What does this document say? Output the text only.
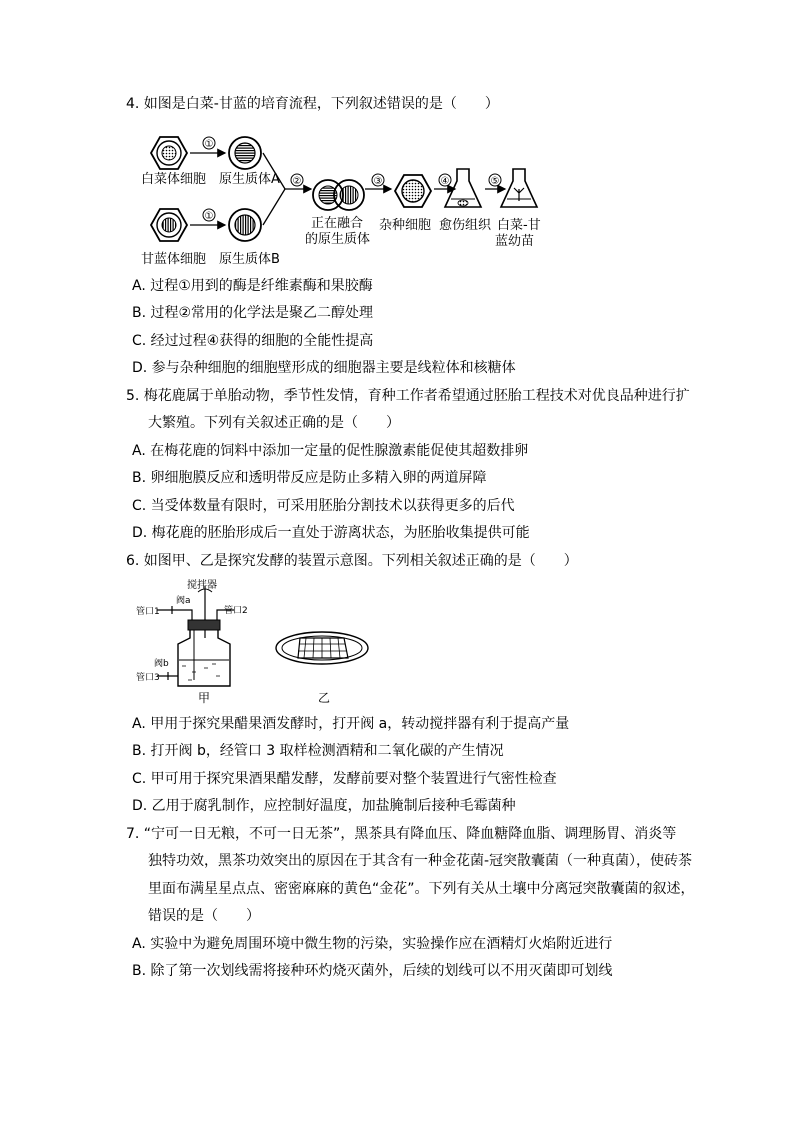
4. 如图是白菜-甘蓝的培育流程，下列叙述错误的是（　　）
①
①
②	③	④	⑤
白菜体细胞 原生质体A
甘蓝体细胞 原生质体B
正在融合
的原生质体
杂种细胞 愈伤组织 白菜-甘
蓝幼苗
A. 过程①用到的酶是纤维素酶和果胶酶
B. 过程②常用的化学法是聚乙二醇处理
C. 经过过程④获得的细胞的全能性提高
D. 参与杂种细胞的细胞壁形成的细胞器主要是线粒体和核糖体
5. 梅花鹿属于单胎动物，季节性发情，育种工作者希望通过胚胎工程技术对优良品种进行扩
大繁殖。下列有关叙述正确的是（　　）
A. 在梅花鹿的饲料中添加一定量的促性腺激素能促使其超数排卵
B. 卵细胞膜反应和透明带反应是防止多精入卵的两道屏障
C. 当受体数量有限时，可采用胚胎分割技术以获得更多的后代
D. 梅花鹿的胚胎形成后一直处于游离状态，为胚胎收集提供可能
6. 如图甲、乙是探究发酵的装置示意图。下列相关叙述正确的是（　　）
搅拌器
阀a
管口1	管口2
阀b
管口3
甲	乙
A. 甲用于探究果醋果酒发酵时，打开阀 a，转动搅拌器有利于提高产量
B. 打开阀 b，经管口 3 取样检测酒精和二氧化碳的产生情况
C. 甲可用于探究果酒果醋发酵，发酵前要对整个装置进行气密性检查
D. 乙用于腐乳制作，应控制好温度，加盐腌制后接种毛霉菌种
7. “宁可一日无粮，不可一日无茶”，黑茶具有降血压、降血糖降血脂、调理肠胃、消炎等
独特功效，黑茶功效突出的原因在于其含有一种金花菌-冠突散囊菌（一种真菌），使砖茶
里面布满星星点点、密密麻麻的黄色“金花”。下列有关从土壤中分离冠突散囊菌的叙述，
错误的是（　　）
A. 实验中为避免周围环境中微生物的污染，实验操作应在酒精灯火焰附近进行
B. 除了第一次划线需将接种环灼烧灭菌外，后续的划线可以不用灭菌即可划线
